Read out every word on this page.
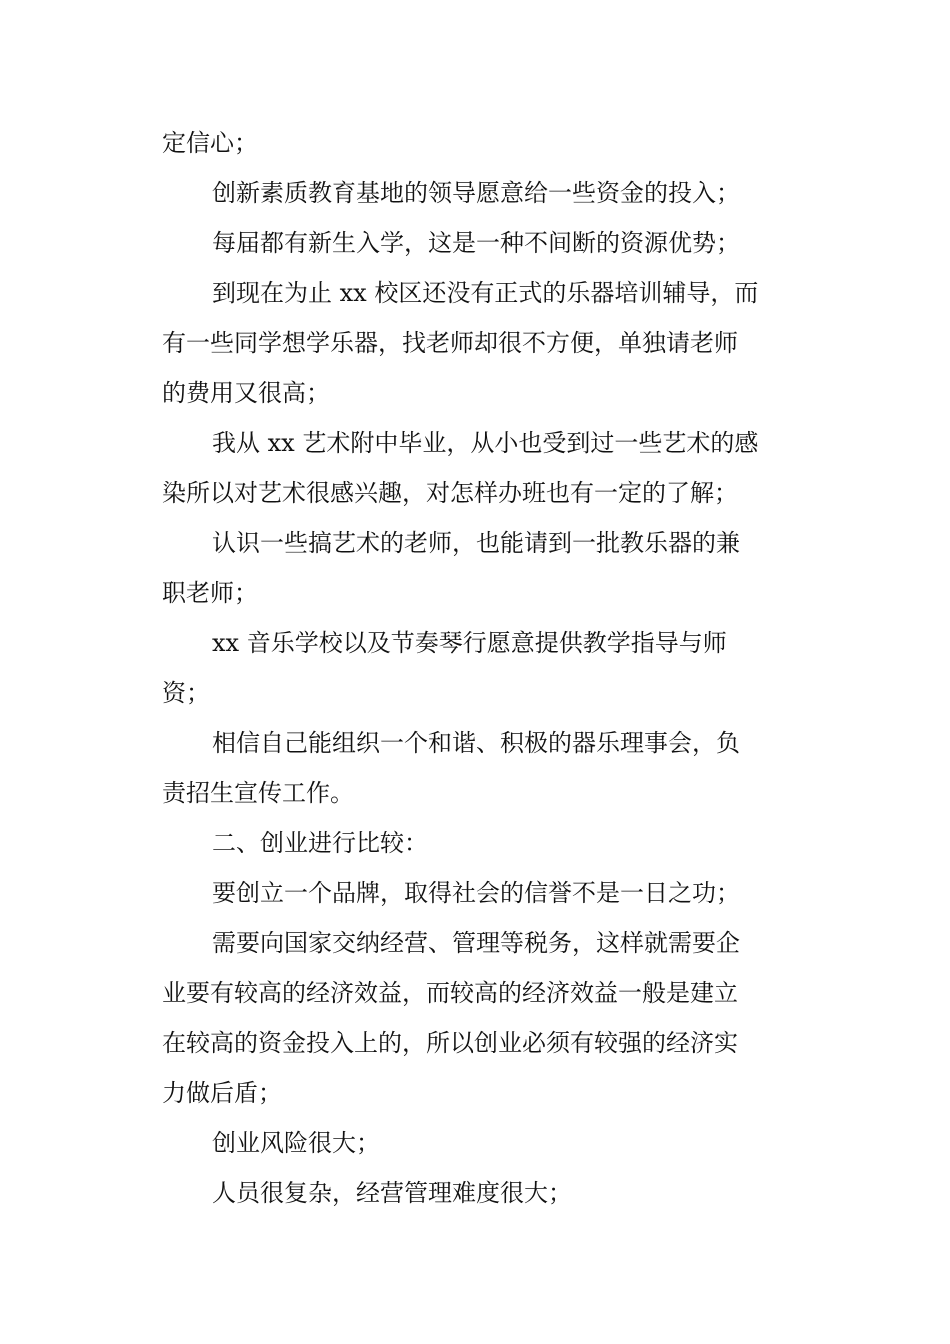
定信心；
创新素质教育基地的领导愿意给一些资金的投入；
每届都有新生入学，这是一种不间断的资源优势；
到现在为止 xx 校区还没有正式的乐器培训辅导，而
有一些同学想学乐器，找老师却很不方便，单独请老师
的费用又很高；
我从 xx 艺术附中毕业，从小也受到过一些艺术的感
染所以对艺术很感兴趣，对怎样办班也有一定的了解；
认识一些搞艺术的老师，也能请到一批教乐器的兼
职老师；
xx 音乐学校以及节奏琴行愿意提供教学指导与师
资；
相信自己能组织一个和谐、积极的器乐理事会，负
责招生宣传工作。
二、创业进行比较：
要创立一个品牌，取得社会的信誉不是一日之功；
需要向国家交纳经营、管理等税务，这样就需要企
业要有较高的经济效益，而较高的经济效益一般是建立
在较高的资金投入上的，所以创业必须有较强的经济实
力做后盾；
创业风险很大；
人员很复杂，经营管理难度很大；
